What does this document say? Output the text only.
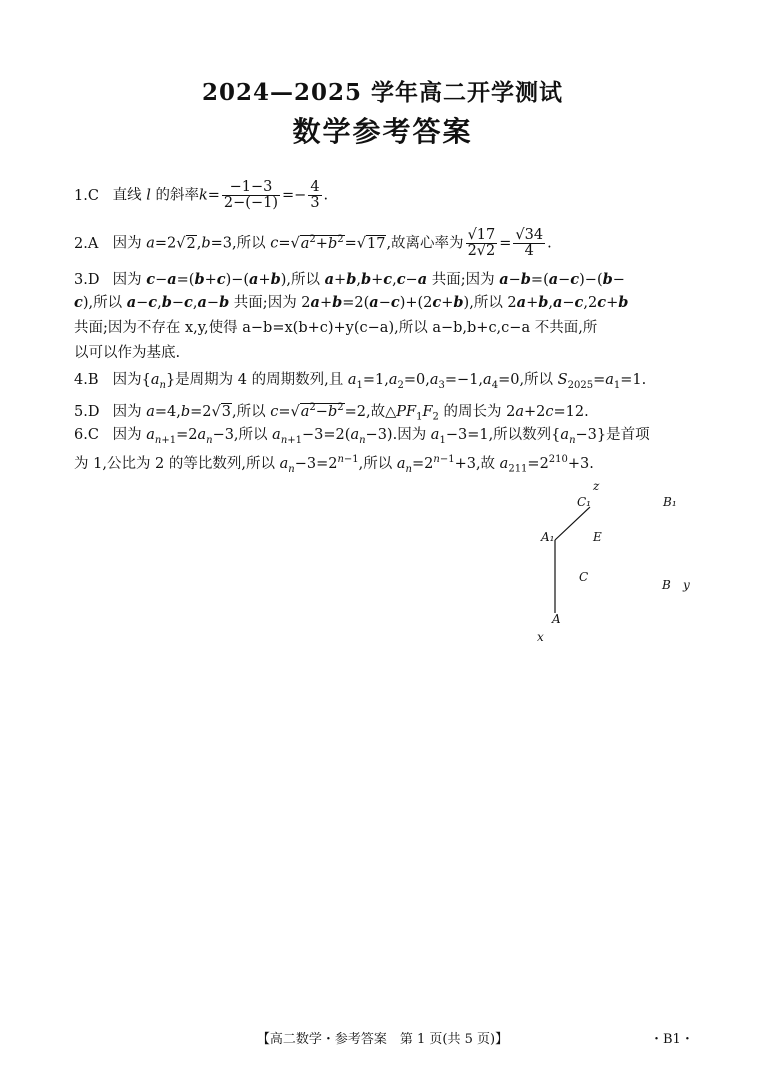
2024—2025 学年高二开学测试
数学参考答案
1.C 直线 l 的斜率$k= \frac{-1-3}{2-(-1)} =- \frac{4}{3}$ .
2.A 因为 a=2√2,b=3,所以 $c=√a^2+b^2=√17$,故离心率为 $\frac{√17}{2√2} = \frac{√34}{4}$ .
3.D 因为 c−a=(b+c)−(a+b),所以 a+b,b+c,c−a 共面;因为 a−b=(a−c)−(b−
c),所以 a−c,b−c,a−b 共面;因为 2a+b=2(a−c)+(2c+b),所以 2a+b,a−c,2c+b
共面;因为不存在 x,y,使得 a−b=x(b+c)+y(c−a),所以 a−b,b+c,c−a 不共面,所
以可以作为基底.
4.B 因为$\{a_n\}$是周期为 4 的周期数列,且 $a_1=1,a_2=0,a_3=-1,a_4=0$,所以 $S_{2025}=a_1=1$.
5.D 因为 a=4,b=2√3,所以 $c=√a^2-b^2=2$,故$\triangle PF_1F_2$ 的周长为 2a+2c=12.
6.C 因为 $a_{n+1}=2a_n-3$,所以 $a_{n+1}-3=2(a_n-3)$.因为 $a_1-3=1$,所以数列$\{a_n-3\}$是首项
为 1,公比为 2 的等比数列,所以 $a_n-3=2^{n-1}$,所以 $a_n=2^{n-1}+3$,故 $a_{211}=2^{210}+3$.
z
C₁	B₁
A₁	E
C
B y
A
x
【高二数学・参考答案　第 1 页(共 5 页)】	・B1・
